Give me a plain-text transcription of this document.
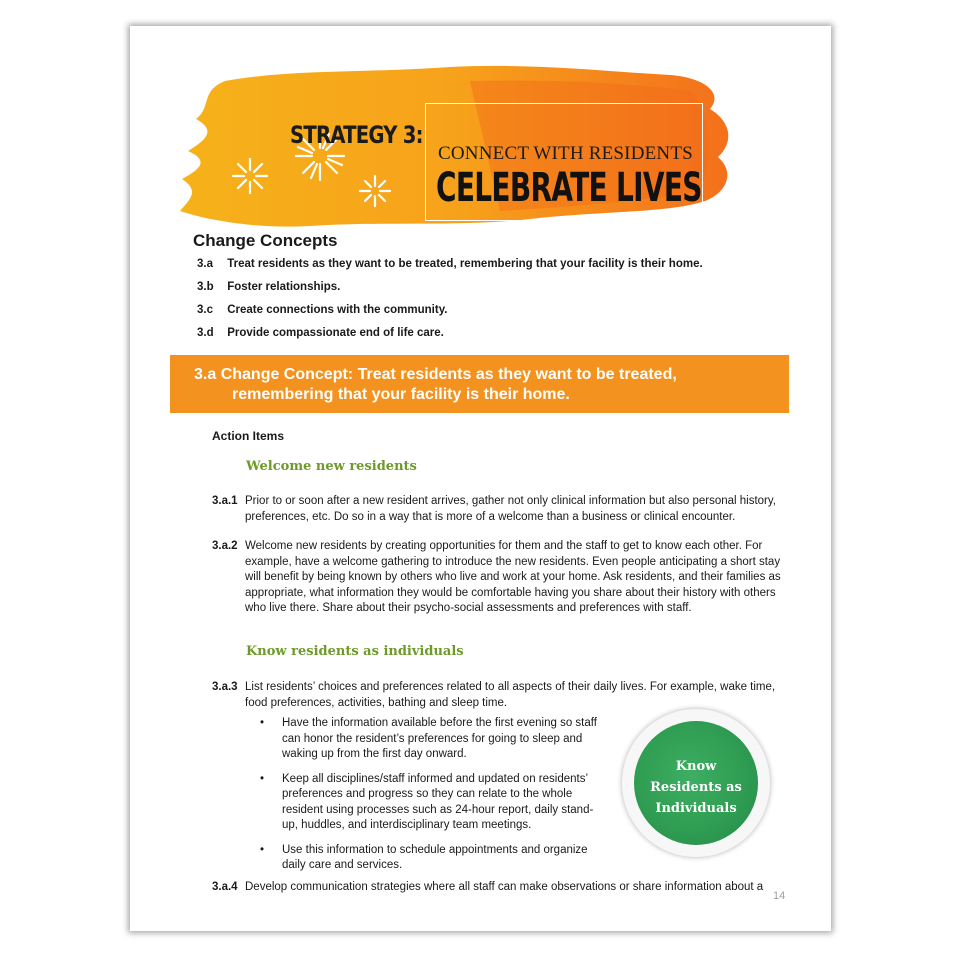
STRATEGY 3:
CONNECT WITH RESIDENTS
CELEBRATE LIVES
Change Concepts
3.a Treat residents as they want to be treated, remembering that your facility is their home.
3.b Foster relationships.
3.c Create connections with the community.
3.d Provide compassionate end of life care.
3.a Change Concept: Treat residents as they want to be treated,
remembering that your facility is their home.
Action Items
Welcome new residents
3.a.1 Prior to or soon after a new resident arrives, gather not only clinical information but also personal history, preferences, etc. Do so in a way that is more of a welcome than a business or clinical encounter.
3.a.2 Welcome new residents by creating opportunities for them and the staff to get to know each other. For example, have a welcome gathering to introduce the new residents. Even people anticipating a short stay will benefit by being known by others who live and work at your home. Ask residents, and their families as appropriate, what information they would be comfortable having you share about their history with others who live there. Share about their psycho-social assessments and preferences with staff.
Know residents as individuals
3.a.3 List residents’ choices and preferences related to all aspects of their daily lives. For example, wake time, food preferences, activities, bathing and sleep time.
• Have the information available before the first evening so staff can honor the resident’s preferences for going to sleep and waking up from the first day onward.
• Keep all disciplines/staff informed and updated on residents’ preferences and progress so they can relate to the whole resident using processes such as 24-hour report, daily stand-up, huddles, and interdisciplinary team meetings.
• Use this information to schedule appointments and organize daily care and services.
3.a.4 Develop communication strategies where all staff can make observations or share information about a
Know
Residents as
Individuals
14
